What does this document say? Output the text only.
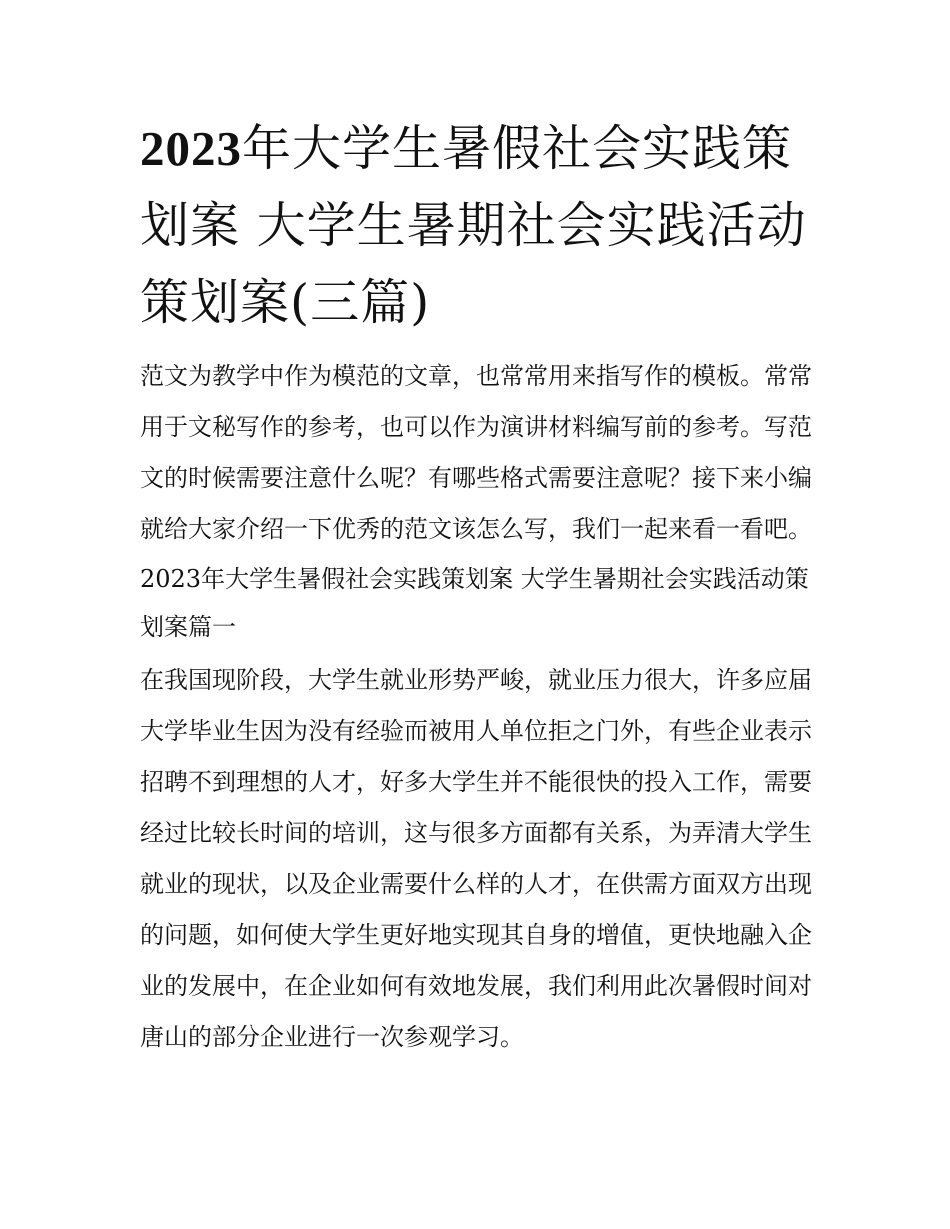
2023年大学生暑假社会实践策划案 大学生暑期社会实践活动策划案(三篇)

范文为教学中作为模范的文章，也常常用来指写作的模板。常常用于文秘写作的参考，也可以作为演讲材料编写前的参考。写范文的时候需要注意什么呢？有哪些格式需要注意呢？接下来小编就给大家介绍一下优秀的范文该怎么写，我们一起来看一看吧。

2023年大学生暑假社会实践策划案 大学生暑期社会实践活动策划案篇一

在我国现阶段，大学生就业形势严峻，就业压力很大，许多应届大学毕业生因为没有经验而被用人单位拒之门外，有些企业表示招聘不到理想的人才，好多大学生并不能很快的投入工作，需要经过比较长时间的培训，这与很多方面都有关系，为弄清大学生就业的现状，以及企业需要什么样的人才，在供需方面双方出现的问题，如何使大学生更好地实现其自身的增值，更快地融入企业的发展中，在企业如何有效地发展，我们利用此次暑假时间对唐山的部分企业进行一次参观学习。
